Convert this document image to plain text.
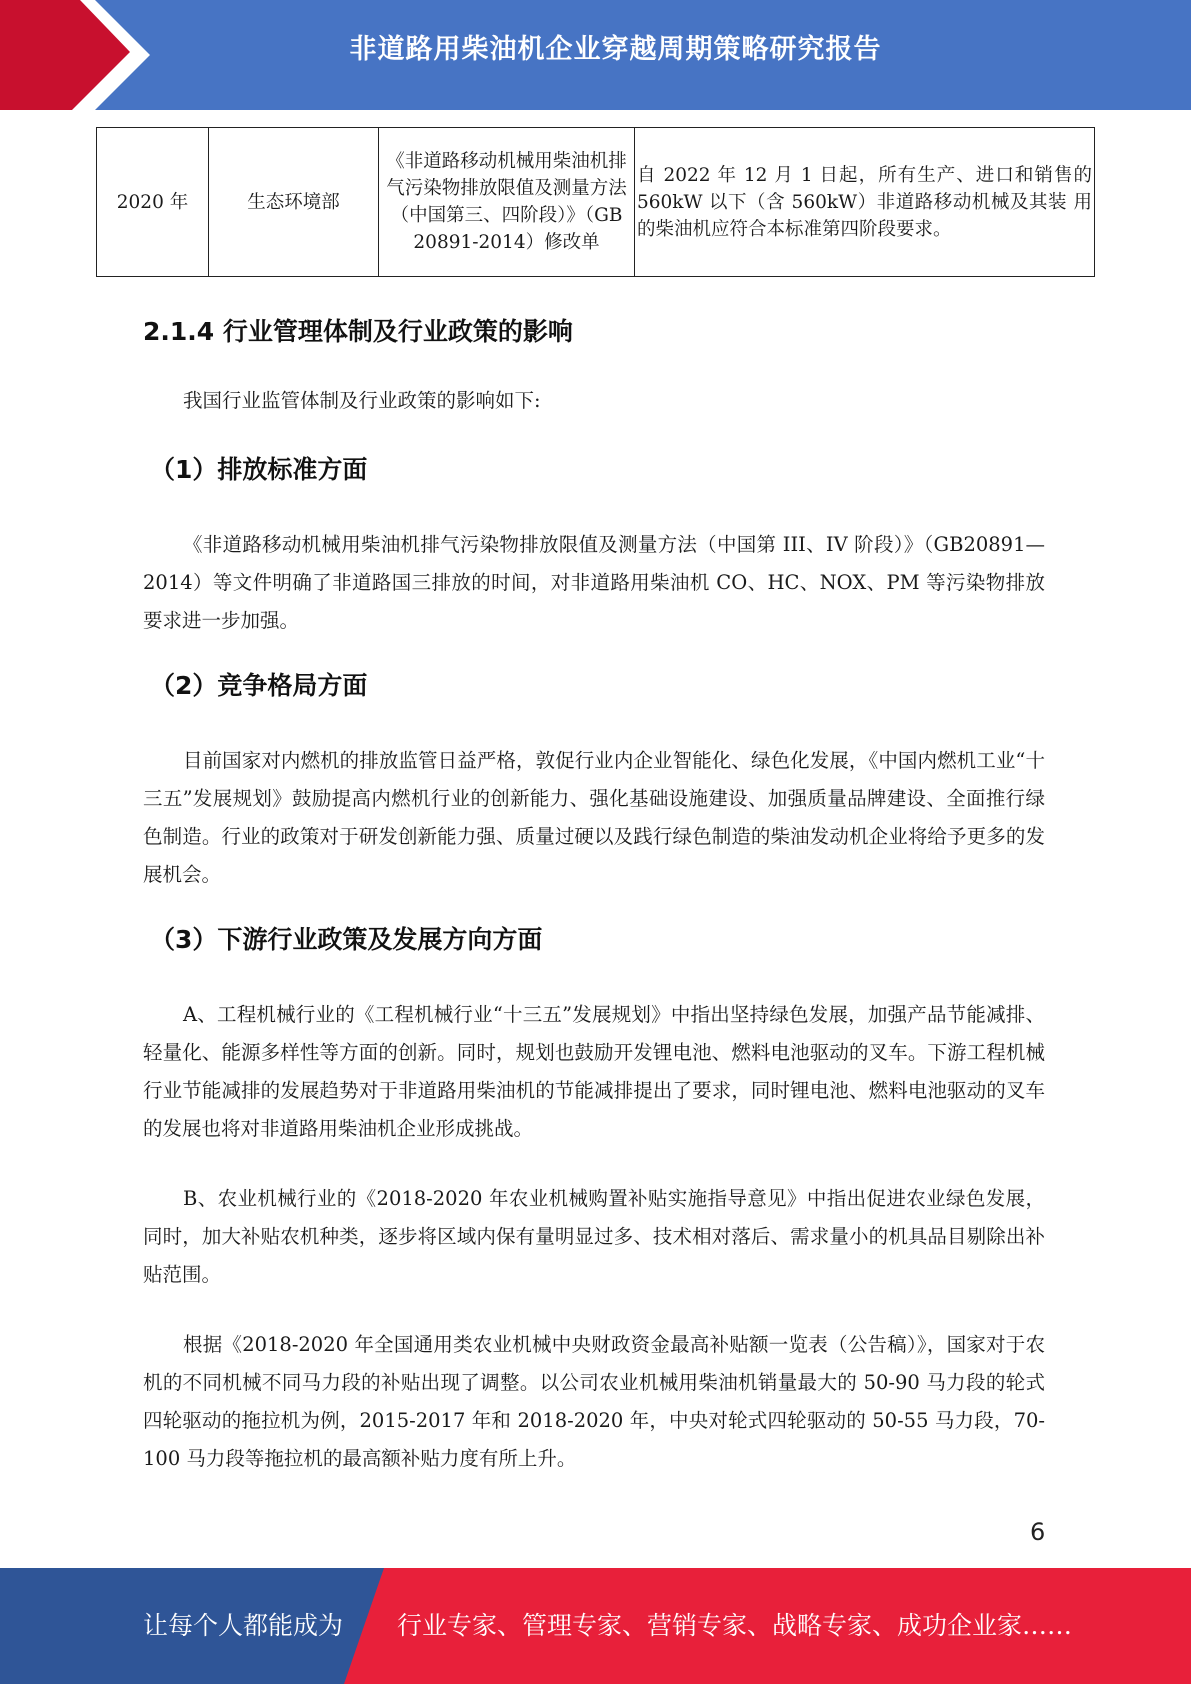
非道路用柴油机企业穿越周期策略研究报告
2020 年	生态环境部	《非道路移动机械用柴油机排气污染物排放限值及测量方法（中国第三、四阶段）》（GB 20891-2014）修改单	自 2022 年 12 月 1 日起，所有生产、进口和销售的 560kW 以下（含 560kW）非道路移动机械及其装 用的柴油机应符合本标准第四阶段要求。
2.1.4 行业管理体制及行业政策的影响

我国行业监管体制及行业政策的影响如下:

（1）排放标准方面

《非道路移动机械用柴油机排气污染物排放限值及测量方法（中国第 III、IV 阶段）》（GB20891—2014）等文件明确了非道路国三排放的时间，对非道路用柴油机 CO、HC、NOX、PM 等污染物排放要求进一步加强。

（2）竞争格局方面

目前国家对内燃机的排放监管日益严格，敦促行业内企业智能化、绿色化发展，《中国内燃机工业“十三五”发展规划》鼓励提高内燃机行业的创新能力、强化基础设施建设、加强质量品牌建设、全面推行绿色制造。行业的政策对于研发创新能力强、质量过硬以及践行绿色制造的柴油发动机企业将给予更多的发展机会。

（3）下游行业政策及发展方向方面

A、工程机械行业的《工程机械行业“十三五”发展规划》中指出坚持绿色发展，加强产品节能减排、轻量化、能源多样性等方面的创新。同时，规划也鼓励开发锂电池、燃料电池驱动的叉车。下游工程机械行业节能减排的发展趋势对于非道路用柴油机的节能减排提出了要求，同时锂电池、燃料电池驱动的叉车的发展也将对非道路用柴油机企业形成挑战。

B、农业机械行业的《2018-2020 年农业机械购置补贴实施指导意见》中指出促进农业绿色发展，同时，加大补贴农机种类，逐步将区域内保有量明显过多、技术相对落后、需求量小的机具品目剔除出补贴范围。

根据《2018-2020 年全国通用类农业机械中央财政资金最高补贴额一览表（公告稿）》，国家对于农机的不同机械不同马力段的补贴出现了调整。以公司农业机械用柴油机销量最大的 50-90 马力段的轮式四轮驱动的拖拉机为例，2015-2017 年和 2018-2020 年，中央对轮式四轮驱动的 50-55 马力段，70-100 马力段等拖拉机的最高额补贴力度有所上升。

6
让每个人都能成为 行业专家、管理专家、营销专家、战略专家、成功企业家……
